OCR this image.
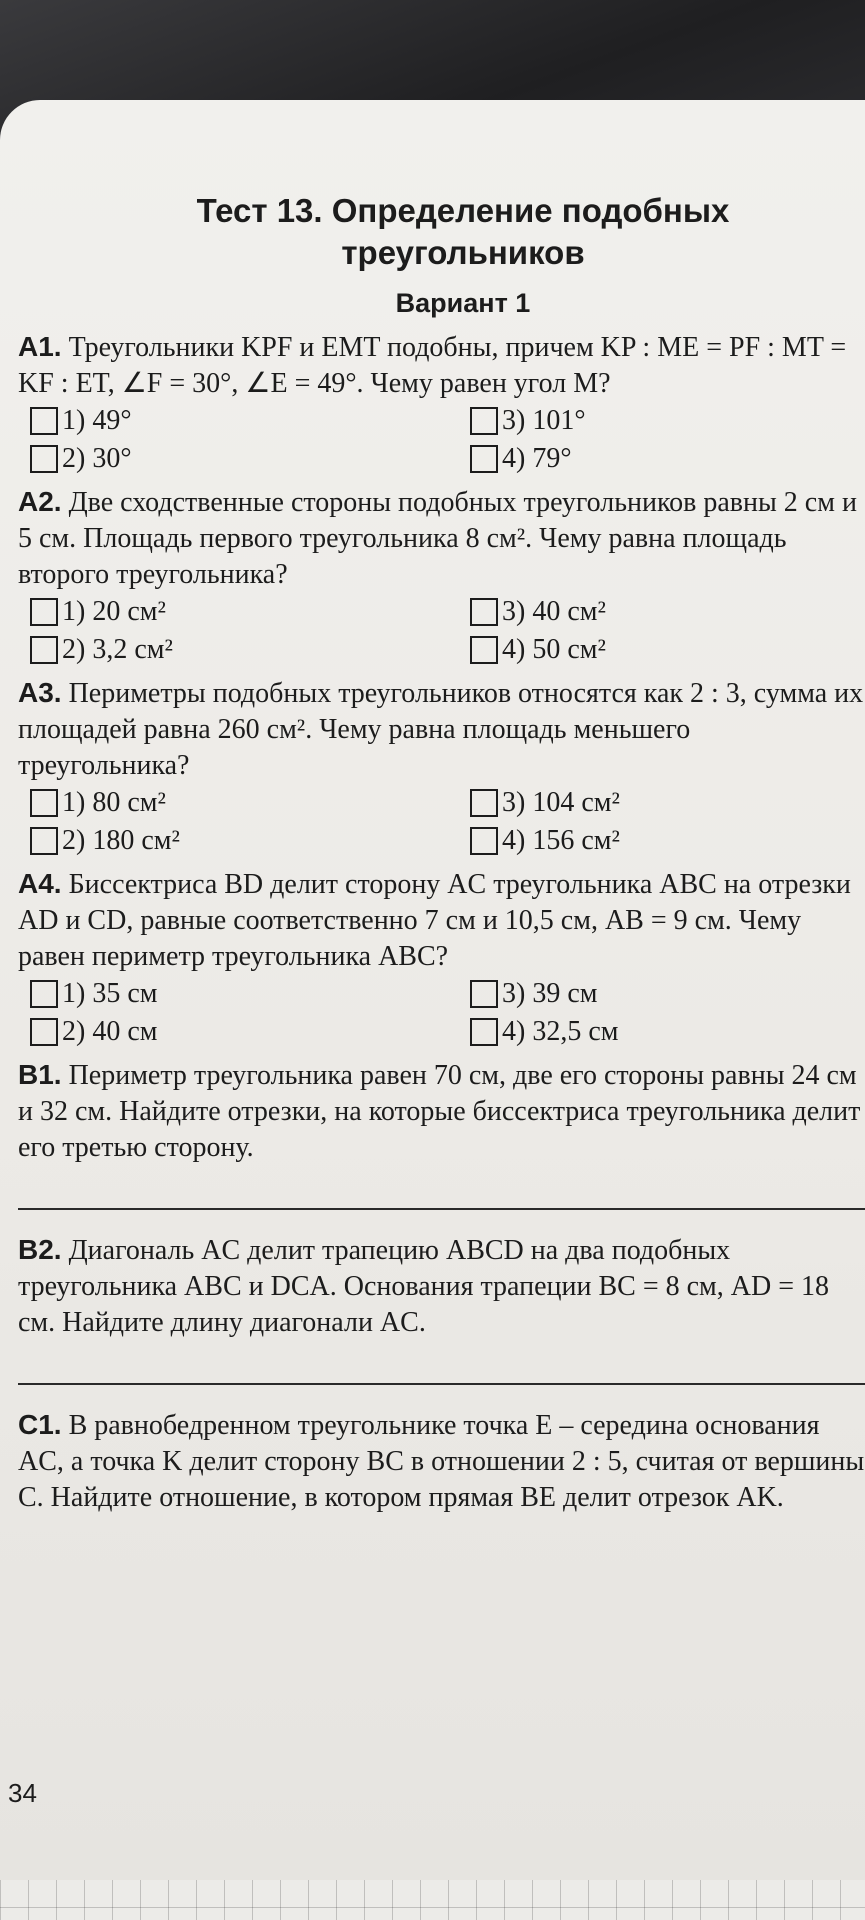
Тест 13. Определение подобных
треугольников
Вариант 1
А1. Треугольники KPF и EMT подобны, причем KP : ME = PF : MT = KF : ET, ∠F = 30°, ∠E = 49°. Чему равен угол M?
1) 49°	3) 101°
2) 30°	4) 79°
А2. Две сходственные стороны подобных треугольников равны 2 см и 5 см. Площадь первого треугольника 8 см². Чему равна площадь второго треугольника?
1) 20 см²	3) 40 см²
2) 3,2 см²	4) 50 см²
А3. Периметры подобных треугольников относятся как 2 : 3, сумма их площадей равна 260 см². Чему равна площадь меньшего треугольника?
1) 80 см²	3) 104 см²
2) 180 см²	4) 156 см²
А4. Биссектриса BD делит сторону AC треугольника ABC на отрезки AD и CD, равные соответственно 7 см и 10,5 см, AB = 9 см. Чему равен периметр треугольника ABC?
1) 35 см	3) 39 см
2) 40 см	4) 32,5 см
В1. Периметр треугольника равен 70 см, две его стороны равны 24 см и 32 см. Найдите отрезки, на которые биссектриса треугольника делит его третью сторону.
В2. Диагональ AC делит трапецию ABCD на два подобных треугольника ABC и DCA. Основания трапеции BC = 8 см, AD = 18 см. Найдите длину диагонали AC.
С1. В равнобедренном треугольнике точка E – середина основания AC, а точка K делит сторону BC в отношении 2 : 5, считая от вершины C. Найдите отношение, в котором прямая BE делит отрезок AK.
34
